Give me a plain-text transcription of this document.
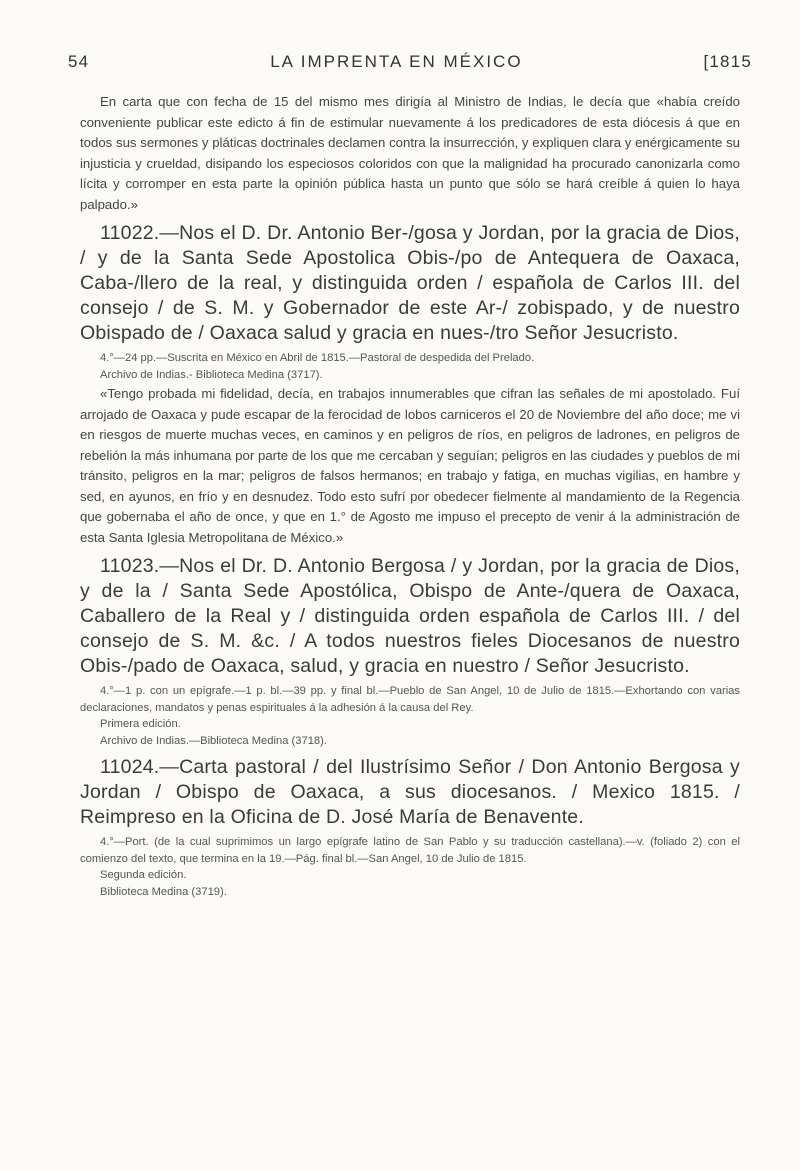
54	LA IMPRENTA EN MÉXICO	[1815

En carta que con fecha de 15 del mismo mes dirigía al Ministro de Indias, le decía que «había creído conveniente publicar este edicto á fin de estimular nuevamente á los predicadores de esta diócesis á que en todos sus sermones y pláticas doctrinales declamen contra la insurrección, y expliquen clara y enérgicamente su injusticia y crueldad, disipando los especiosos coloridos con que la malignidad ha procurado canonizarla como lícita y corromper en esta parte la opinión pública hasta un punto que sólo se hará creíble á quien lo haya palpado.»

11022.—Nos el D. Dr. Antonio Ber-/gosa y Jordan, por la gracia de Dios, / y de la Santa Sede Apostolica Obis-/po de Antequera de Oaxaca, Caba-/llero de la real, y distinguida orden / española de Carlos III. del consejo / de S. M. y Gobernador de este Ar-/ zobispado, y de nuestro Obispado de / Oaxaca salud y gracia en nues-/tro Señor Jesucristo.

4.°—24 pp.—Suscrita en México en Abril de 1815.—Pastoral de despedida del Prelado.

Archivo de Indias.- Biblioteca Medina (3717).

«Tengo probada mi fidelidad, decía, en trabajos innumerables que cifran las señales de mi apostolado. Fuí arrojado de Oaxaca y pude escapar de la ferocidad de lobos carniceros el 20 de Noviembre del año doce; me vi en riesgos de muerte muchas veces, en caminos y en peligros de ríos, en peligros de ladrones, en peligros de rebelión la más inhumana por parte de los que me cercaban y seguían; peligros en las ciudades y pueblos de mi tránsito, peligros en la mar; peligros de falsos hermanos; en trabajo y fatiga, en muchas vigilias, en hambre y sed, en ayunos, en frío y en desnudez. Todo esto sufrí por obedecer fielmente al mandamiento de la Regencia que gobernaba el año de once, y que en 1.° de Agosto me impuso el precepto de venir á la administración de esta Santa Iglesia Metropolitana de México.»

11023.—Nos el Dr. D. Antonio Bergosa / y Jordan, por la gracia de Dios, y de la / Santa Sede Apostólica, Obispo de Ante-/quera de Oaxaca, Caballero de la Real y / distinguida orden española de Carlos III. / del consejo de S. M. &c. / A todos nuestros fieles Diocesanos de nuestro Obis-/pado de Oaxaca, salud, y gracia en nuestro / Señor Jesucristo.

4.°—1 p. con un epígrafe.—1 p. bl.—39 pp. y final bl.—Pueblo de San Angel, 10 de Julio de 1815.—Exhortando con varias declaraciones, mandatos y penas espirituales á la adhesión á la causa del Rey.

Primera edición.

Archivo de Indias.—Biblioteca Medina (3718).

11024.—Carta pastoral / del Ilustrísimo Señor / Don Antonio Bergosa y Jordan / Obispo de Oaxaca, a sus diocesanos. / Mexico 1815. / Reimpreso en la Oficina de D. José María de Benavente.

4.°—Port. (de la cual suprimimos un largo epígrafe latino de San Pablo y su traducción castellana).—v. (foliado 2) con el comienzo del texto, que termina en la 19.—Pág. final bl.—San Angel, 10 de Julio de 1815.

Segunda edición.

Biblioteca Medina (3719).
